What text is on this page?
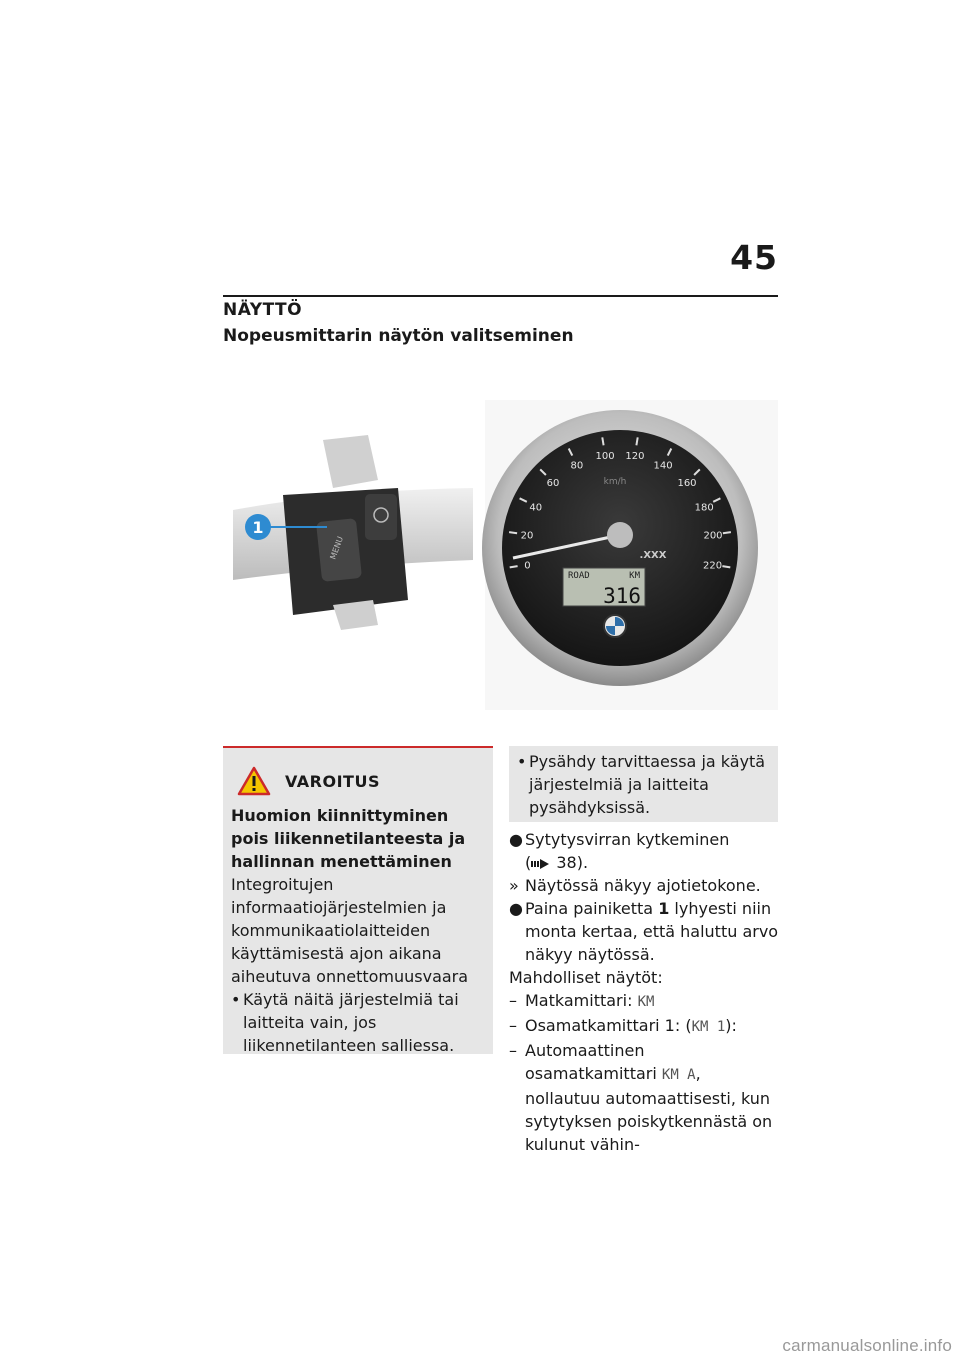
45
NÄYTTÖ
Nopeusmittarin näytön valitseminen
MENU
1
km/h
0
20
40
60
80
100 120
140
160
180
200
220
.XXX
ROAD	KM
316
VAROITUS
Huomion kiinnittyminen pois liikennetilanteesta ja hallinnan menettäminen
Integroitujen informaatiojärjestelmien ja kommunikaatiolaitteiden käyttämisestä ajon aikana aiheutuva onnettomuusvaara
• Käytä näitä järjestelmiä tai laitteita vain, jos liikennetilanteen salliessa.
• Pysähdy tarvittaessa ja käytä järjestelmiä ja laitteita pysähdyksissä.
● Sytytysvirran kytkeminen
( 38).
» Näytössä näkyy ajotietokone.
● Paina painiketta 1 lyhyesti niin monta kertaa, että haluttu arvo näkyy näytössä.
Mahdolliset näytöt:
– Matkamittari: KM
– Osamatkamittari 1: (KM 1):
– Automaattinen osamatkamittari KM A, nollautuu automaattisesti, kun sytytyksen poiskytkennästä on kulunut vähin-
carmanualsonline.info
